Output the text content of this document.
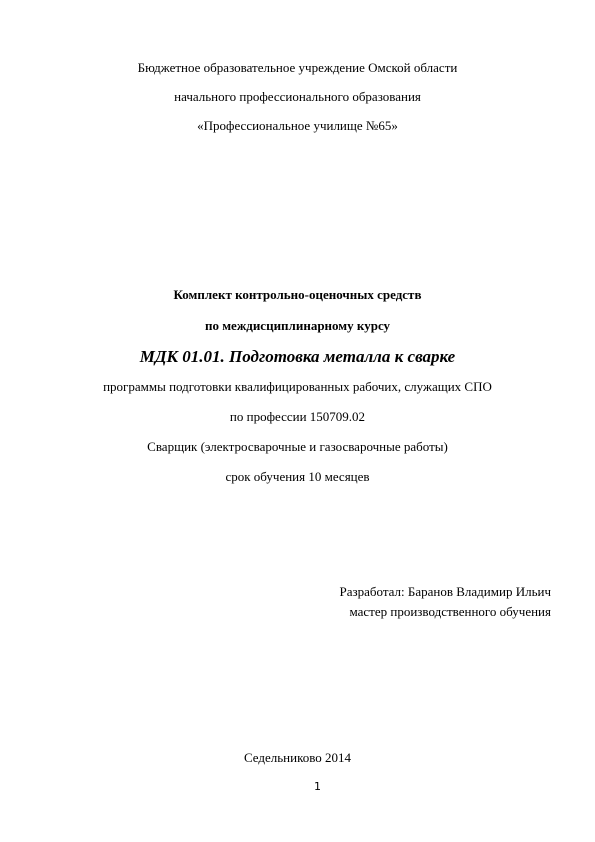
Бюджетное образовательное учреждение Омской области
начального профессионального образования
«Профессиональное училище №65»
Комплект контрольно-оценочных средств
по междисциплинарному курсу
МДК 01.01. Подготовка металла к сварке
программы подготовки квалифицированных рабочих, служащих СПО
по профессии 150709.02
Сварщик (электросварочные и газосварочные работы)
срок обучения 10 месяцев
Разработал: Баранов Владимир Ильич
мастер производственного обучения
Седельниково 2014
1
